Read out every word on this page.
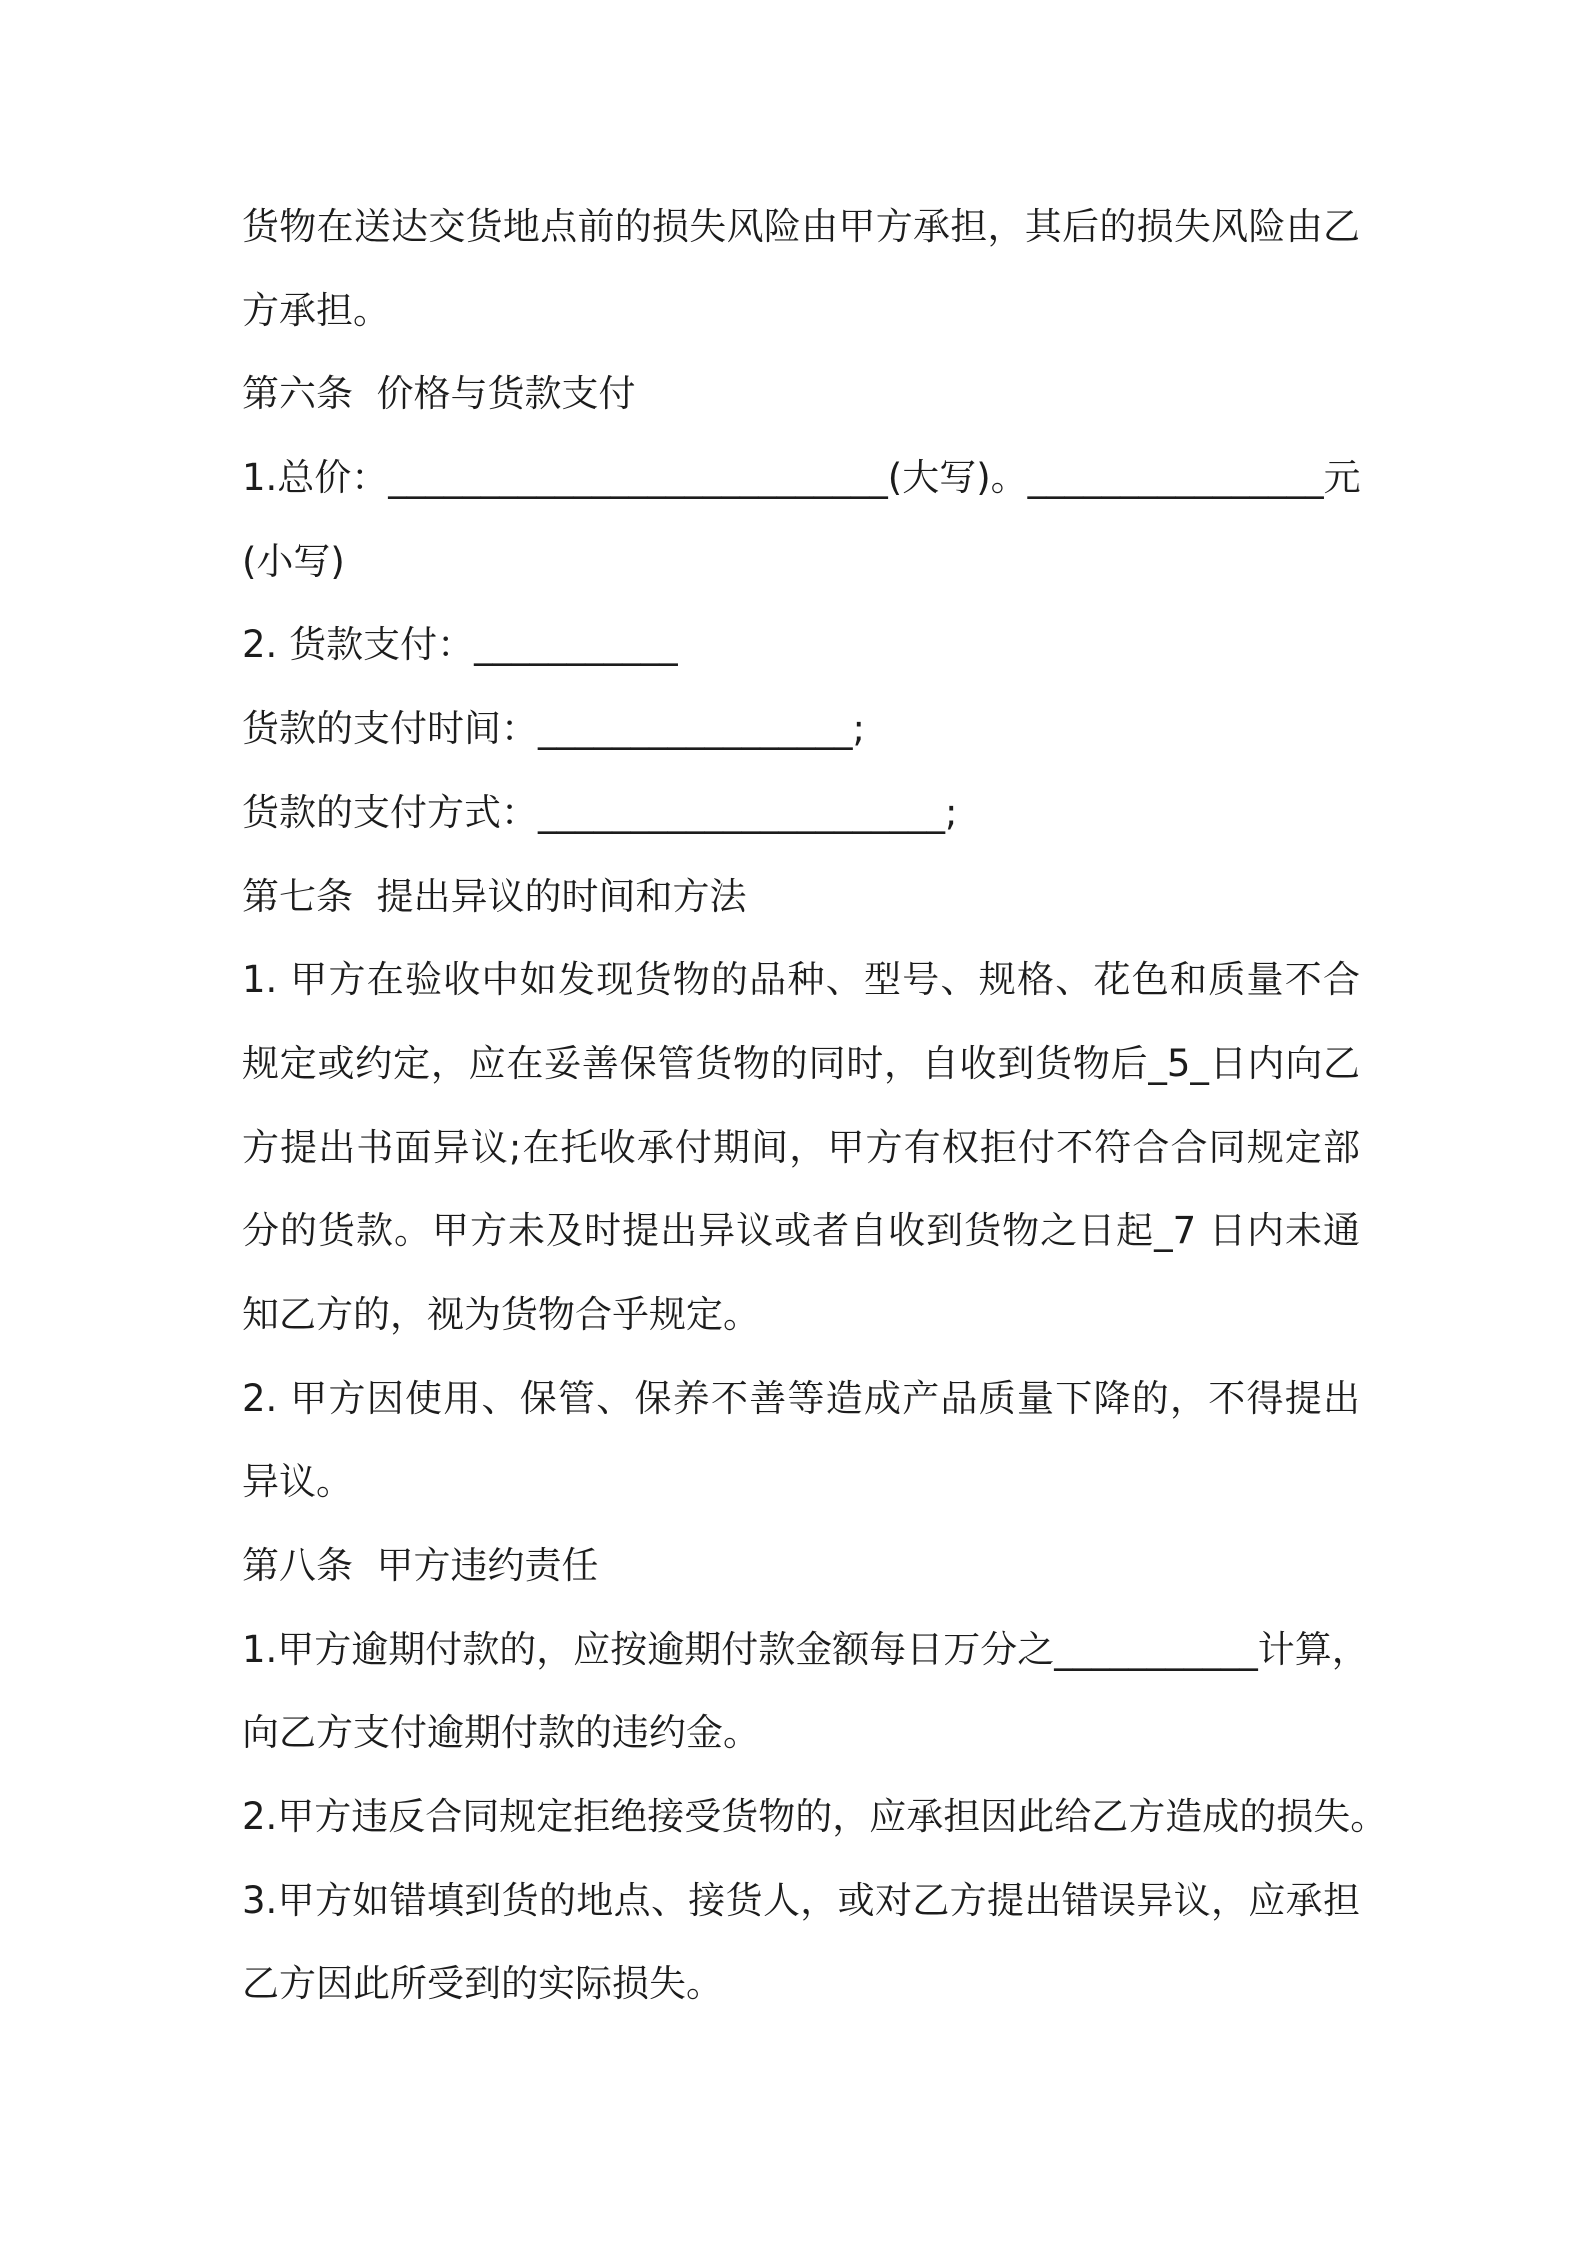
货物在送达交货地点前的损失风险由甲方承担，其后的损失风险由乙
方承担。
第六条  价格与货款支付
1.总价：___________________________(大写)。________________元
(小写)
2. 货款支付：___________
货款的支付时间：_________________;
货款的支付方式：______________________;
第七条  提出异议的时间和方法
1. 甲方在验收中如发现货物的品种、型号、规格、花色和质量不合
规定或约定，应在妥善保管货物的同时，自收到货物后_5_日内向乙
方提出书面异议;在托收承付期间，甲方有权拒付不符合合同规定部
分的货款。甲方未及时提出异议或者自收到货物之日起_7 日内未通
知乙方的，视为货物合乎规定。
2. 甲方因使用、保管、保养不善等造成产品质量下降的，不得提出
异议。
第八条  甲方违约责任
1.甲方逾期付款的，应按逾期付款金额每日万分之___________计算，
向乙方支付逾期付款的违约金。
2.甲方违反合同规定拒绝接受货物的，应承担因此给乙方造成的损失。
3.甲方如错填到货的地点、接货人，或对乙方提出错误异议，应承担
乙方因此所受到的实际损失。
